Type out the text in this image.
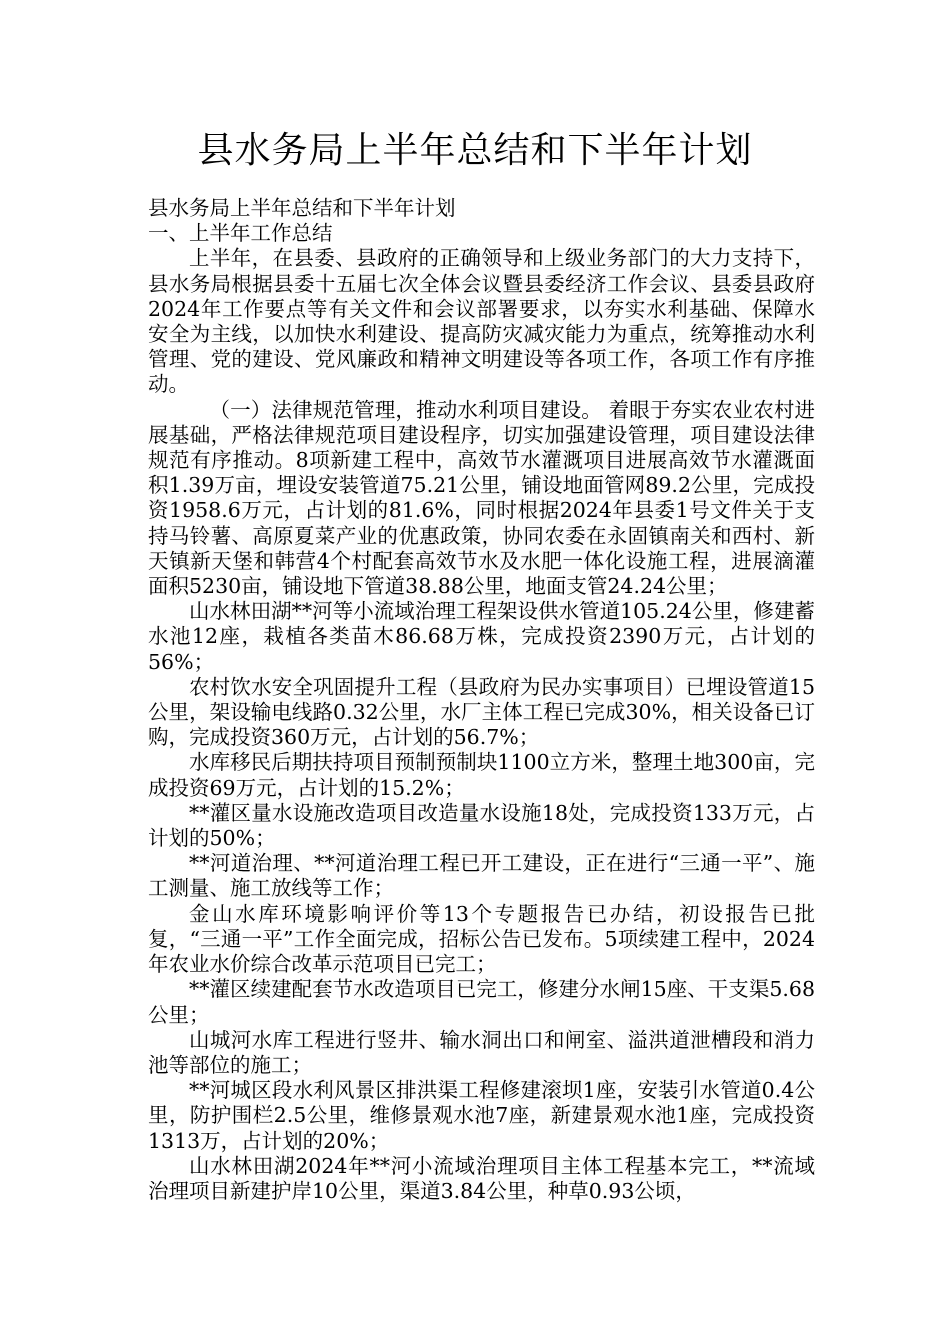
县水务局上半年总结和下半年计划

县水务局上半年总结和下半年计划

一、上半年工作总结

上半年，在县委、县政府的正确领导和上级业务部门的大力支持下，县水务局根据县委十五届七次全体会议暨县委经济工作会议、县委县政府2024年工作要点等有关文件和会议部署要求，以夯实水利基础、保障水安全为主线，以加快水利建设、提高防灾减灾能力为重点，统筹推动水利管理、党的建设、党风廉政和精神文明建设等各项工作，各项工作有序推动。

（一）法律规范管理，推动水利项目建设。 着眼于夯实农业农村进展基础，严格法律规范项目建设程序，切实加强建设管理，项目建设法律规范有序推动。8项新建工程中，高效节水灌溉项目进展高效节水灌溉面积1.39万亩，埋设安装管道75.21公里，铺设地面管网89.2公里，完成投资1958.6万元，占计划的81.6%，同时根据2024年县委1号文件关于支持马铃薯、高原夏菜产业的优惠政策，协同农委在永固镇南关和西村、新天镇新天堡和韩营4个村配套高效节水及水肥一体化设施工程，进展滴灌面积5230亩，铺设地下管道38.88公里，地面支管24.24公里；

山水林田湖**河等小流域治理工程架设供水管道105.24公里，修建蓄水池12座，栽植各类苗木86.68万株，完成投资2390万元，占计划的56%；

农村饮水安全巩固提升工程（县政府为民办实事项目）已埋设管道15公里，架设输电线路0.32公里，水厂主体工程已完成30%，相关设备已订购，完成投资360万元，占计划的56.7%；

水库移民后期扶持项目预制预制块1100立方米，整理土地300亩，完成投资69万元，占计划的15.2%；

**灌区量水设施改造项目改造量水设施18处，完成投资133万元，占计划的50%；

**河道治理、**河道治理工程已开工建设，正在进行“三通一平”、施工测量、施工放线等工作；

金山水库环境影响评价等13个专题报告已办结，初设报告已批复，“三通一平”工作全面完成，招标公告已发布。5项续建工程中，2024年农业水价综合改革示范项目已完工；

**灌区续建配套节水改造项目已完工，修建分水闸15座、干支渠5.68公里；

山城河水库工程进行竖井、输水洞出口和闸室、溢洪道泄槽段和消力池等部位的施工；

**河城区段水利风景区排洪渠工程修建滚坝1座，安装引水管道0.4公里，防护围栏2.5公里，维修景观水池7座，新建景观水池1座，完成投资1313万，占计划的20%；

山水林田湖2024年**河小流域治理项目主体工程基本完工，**流域治理项目新建护岸10公里，渠道3.84公里，种草0.93公顷，
